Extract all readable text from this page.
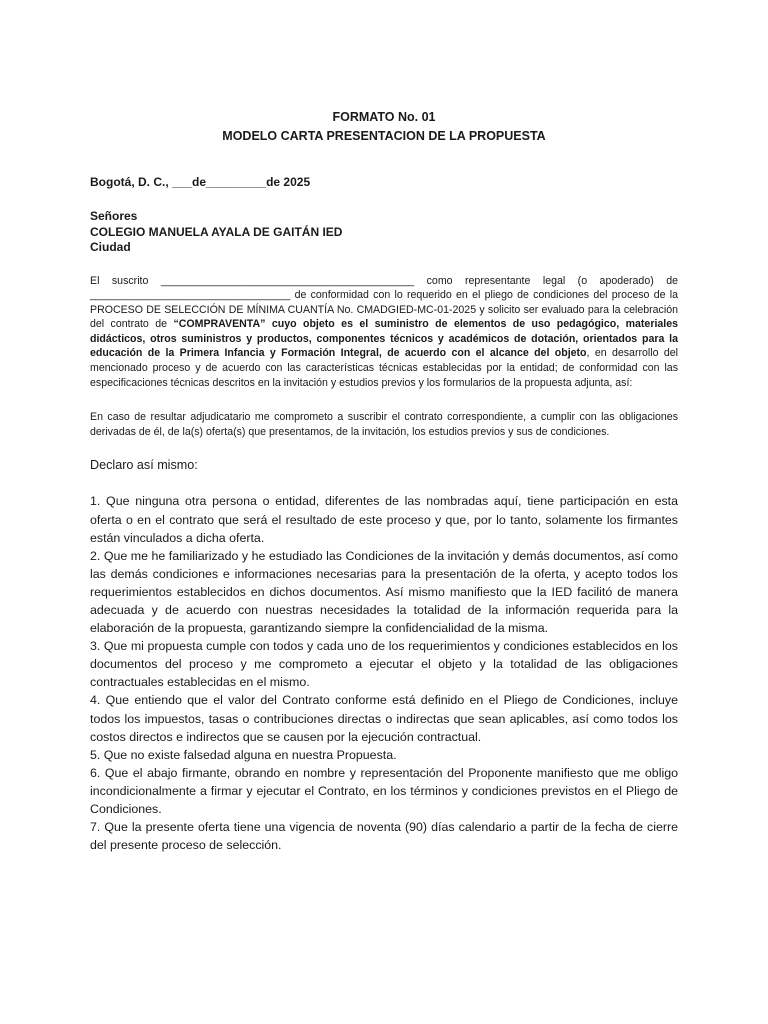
FORMATO No. 01
MODELO CARTA PRESENTACION DE LA PROPUESTA
Bogotá, D. C., ___de_________de 2025
Señores
COLEGIO MANUELA AYALA DE GAITÁN IED
Ciudad
El suscrito ___________________________________________ como representante legal (o apoderado) de __________________________________ de conformidad con lo requerido en el pliego de condiciones del proceso de la PROCESO DE SELECCIÓN DE MÍNIMA CUANTÍA No. CMADGIED-MC-01-2025 y solicito ser evaluado para la celebración del contrato de “COMPRAVENTA” cuyo objeto es el suministro de elementos de uso pedagógico, materiales didácticos, otros suministros y productos, componentes técnicos y académicos de dotación, orientados para la educación de la Primera Infancia y Formación Integral, de acuerdo con el alcance del objeto, en desarrollo del mencionado proceso y de acuerdo con las características técnicas establecidas por la entidad; de conformidad con las especificaciones técnicas descritos en la invitación y estudios previos y los formularios de la propuesta adjunta, así:
En caso de resultar adjudicatario me comprometo a suscribir el contrato correspondiente, a cumplir con las obligaciones derivadas de él, de la(s) oferta(s) que presentamos, de la invitación, los estudios previos y sus de condiciones.
Declaro así mismo:
1. Que ninguna otra persona o entidad, diferentes de las nombradas aquí, tiene participación en esta oferta o en el contrato que será el resultado de este proceso y que, por lo tanto, solamente los firmantes están vinculados a dicha oferta.
2. Que me he familiarizado y he estudiado las Condiciones de la invitación y demás documentos, así como las demás condiciones e informaciones necesarias para la presentación de la oferta, y acepto todos los requerimientos establecidos en dichos documentos. Así mismo manifiesto que la IED facilitó de manera adecuada y de acuerdo con nuestras necesidades la totalidad de la información requerida para la elaboración de la propuesta, garantizando siempre la confidencialidad de la misma.
3. Que mi propuesta cumple con todos y cada uno de los requerimientos y condiciones establecidos en los documentos del proceso y me comprometo a ejecutar el objeto y la totalidad de las obligaciones contractuales establecidas en el mismo.
4. Que entiendo que el valor del Contrato conforme está definido en el Pliego de Condiciones, incluye todos los impuestos, tasas o contribuciones directas o indirectas que sean aplicables, así como todos los costos directos e indirectos que se causen por la ejecución contractual.
5. Que no existe falsedad alguna en nuestra Propuesta.
6. Que el abajo firmante, obrando en nombre y representación del Proponente manifiesto que me obligo incondicionalmente a firmar y ejecutar el Contrato, en los términos y condiciones previstos en el Pliego de Condiciones.
7. Que la presente oferta tiene una vigencia de noventa (90) días calendario a partir de la fecha de cierre del presente proceso de selección.
